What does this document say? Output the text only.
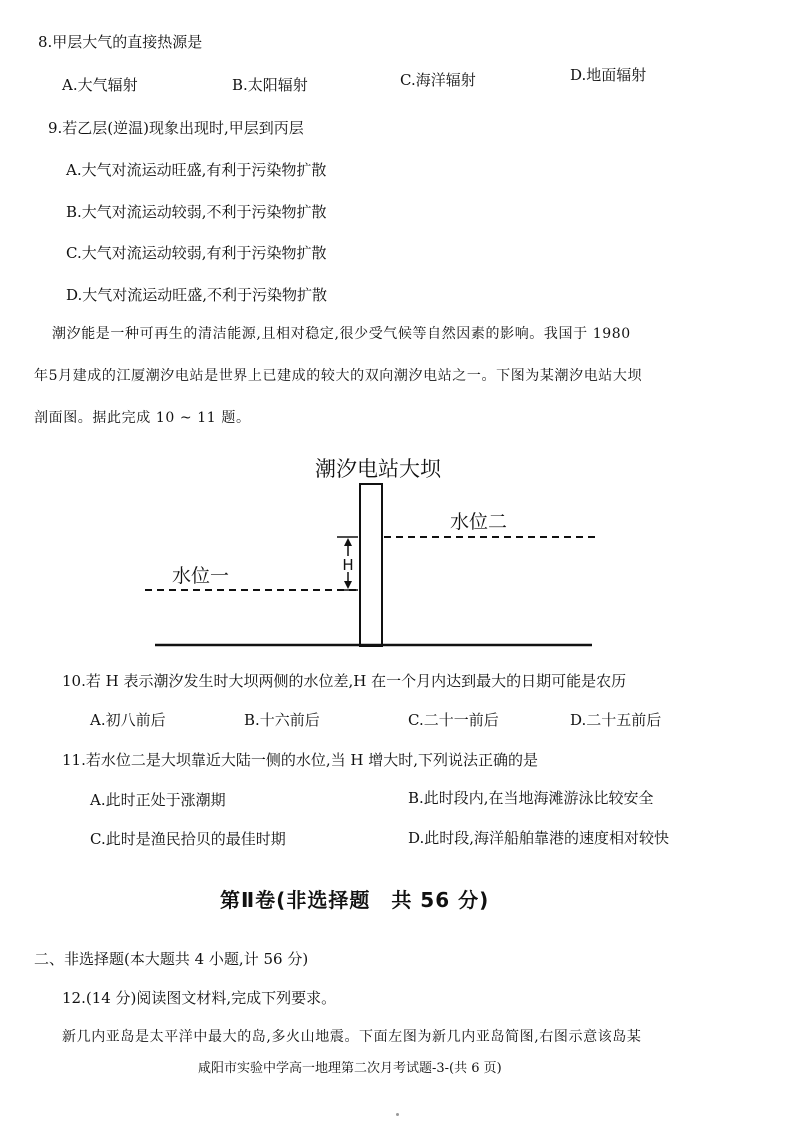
8.甲层大气的直接热源是
A.大气辐射	B.太阳辐射	C.海洋辐射	D.地面辐射
9.若乙层(逆温)现象出现时,甲层到丙层
A.大气对流运动旺盛,有利于污染物扩散
B.大气对流运动较弱,不利于污染物扩散
C.大气对流运动较弱,有利于污染物扩散
D.大气对流运动旺盛,不利于污染物扩散
潮汐能是一种可再生的清洁能源,且相对稳定,很少受气候等自然因素的影响。我国于 1980
年5月建成的江厦潮汐电站是世界上已建成的较大的双向潮汐电站之一。下图为某潮汐电站大坝
剖面图。据此完成 10 ~ 11 题。
潮汐电站大坝
水位二
水位一	H
10.若 H 表示潮汐发生时大坝两侧的水位差,H 在一个月内达到最大的日期可能是农历
A.初八前后	B.十六前后	C.二十一前后	D.二十五前后
11.若水位二是大坝靠近大陆一侧的水位,当 H 增大时,下列说法正确的是
A.此时正处于涨潮期	B.此时段内,在当地海滩游泳比较安全
C.此时是渔民拾贝的最佳时期	D.此时段,海洋船舶靠港的速度相对较快
第Ⅱ卷(非选择题　共 56 分)
二、非选择题(本大题共 4 小题,计 56 分)
12.(14 分)阅读图文材料,完成下列要求。
新几内亚岛是太平洋中最大的岛,多火山地震。下面左图为新几内亚岛简图,右图示意该岛某
咸阳市实验中学高一地理第二次月考试题-3-(共 6 页)
